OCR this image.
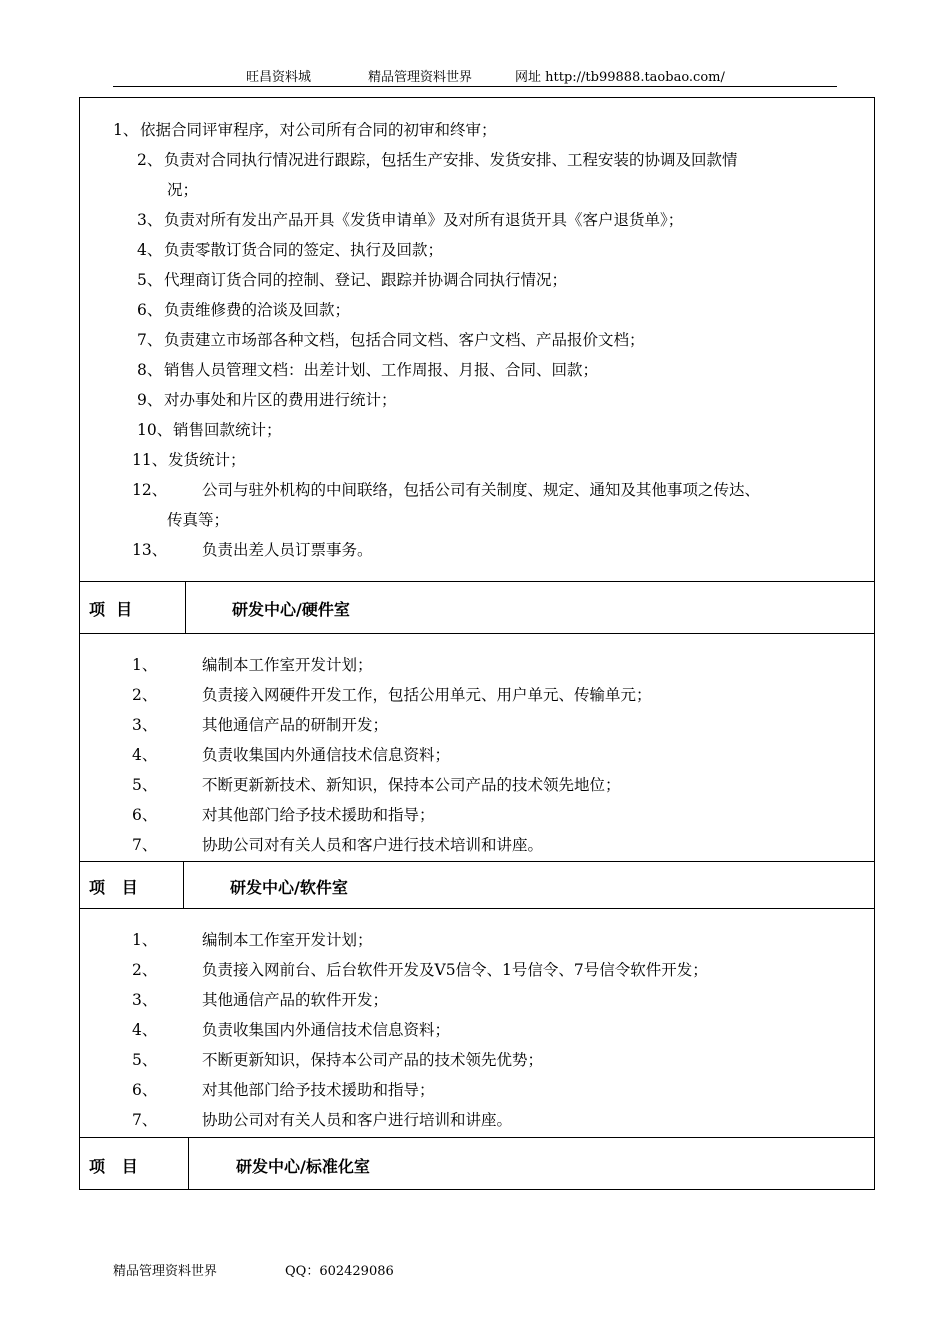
旺昌资料城	精品管理资料世界	网址 http://tb99888.taobao.com/
1、 依据合同评审程序，对公司所有合同的初审和终审；
2、 负责对合同执行情况进行跟踪，包括生产安排、发货安排、工程安装的协调及回款情
况；
3、 负责对所有发出产品开具《发货申请单》及对所有退货开具《客户退货单》；
4、 负责零散订货合同的签定、执行及回款；
5、 代理商订货合同的控制、登记、跟踪并协调合同执行情况；
6、 负责维修费的洽谈及回款；
7、 负责建立市场部各种文档，包括合同文档、客户文档、产品报价文档；
8、 销售人员管理文档：出差计划、工作周报、月报、合同、回款；
9、 对办事处和片区的费用进行统计；
10、 销售回款统计；
11、 发货统计；
12、 公司与驻外机构的中间联络，包括公司有关制度、规定、通知及其他事项之传达、
传真等；
13、 负责出差人员订票事务。
项  目	研发中心/硬件室
1、	编制本工作室开发计划；
2、	负责接入网硬件开发工作，包括公用单元、用户单元、传输单元；
3、	其他通信产品的研制开发；
4、	负责收集国内外通信技术信息资料；
5、	不断更新新技术、新知识，保持本公司产品的技术领先地位；
6、	对其他部门给予技术援助和指导；
7、	协助公司对有关人员和客户进行技术培训和讲座。
项   目	研发中心/软件室
1、	编制本工作室开发计划；
2、	负责接入网前台、后台软件开发及V5信令、1号信令、7号信令软件开发；
3、	其他通信产品的软件开发；
4、	负责收集国内外通信技术信息资料；
5、	不断更新知识，保持本公司产品的技术领先优势；
6、	对其他部门给予技术援助和指导；
7、	协助公司对有关人员和客户进行培训和讲座。
项   目	研发中心/标准化室
精品管理资料世界	QQ：602429086
